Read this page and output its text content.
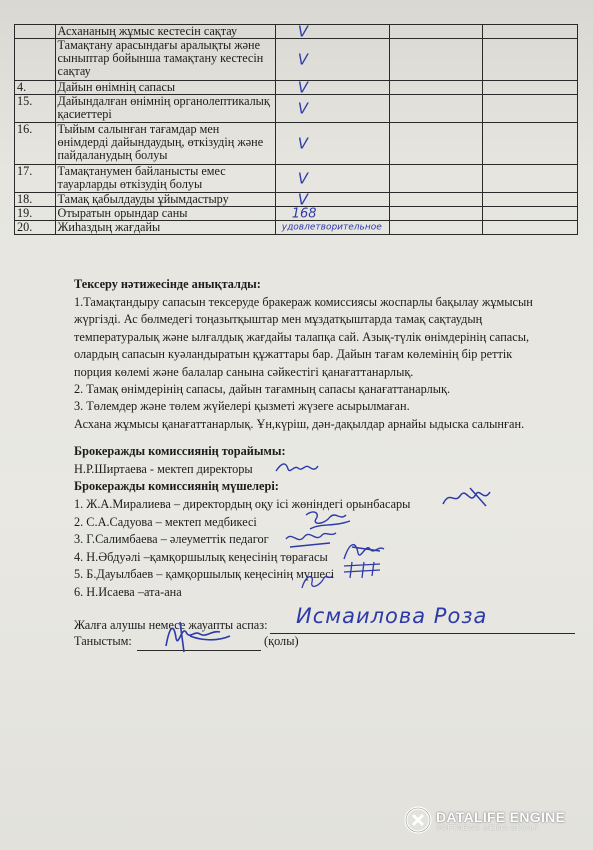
	Асхананың жұмыс кестесін сақтау	V		

	Тамақтану арасындағы аралықты және сыныптар бойынша тамақтану кестесін сақтау	V		

4.	Дайын өнімнің сапасы	V		

15.	Дайындалған өнімнің органолептикалық қасиеттері	V		

16.	Тыйым салынған тағамдар мен өнімдерді дайындаудың, өткізудің және пайдаланудың болуы	V		

17.	Тамақтанумен байланысты емес тауарларды өткізудің болуы	V		

18.	Тамақ қабылдауды ұйымдастыру	V		

19.	Отыратын орындар саны	168		

20.	Жиһаздың жағдайы	удовлетворительное		

Тексеру нәтижесінде анықталды:
1.Тамақтандыру сапасын тексеруде бракераж комиссиясы жоспарлы бақылау жұмысын
жүргізді. Ас бөлмедегі тоңазытқыштар мен мұздатқыштарда тамақ сақтаудың
температуралық және ылғалдық жағдайы талапқа сай. Азық-түлік өнімдерінің сапасы,
олардың сапасын куәландыратын құжаттары бар. Дайын тағам көлемінің бір реттік
порция көлемі және балалар санына сәйкестігі қанағаттанарлық.
2. Тамақ өнімдерінің сапасы, дайын тағамның сапасы қанағаттанарлық.
3. Төлемдер және төлем жүйелері қызметі жүзеге асырылмаған.
Асхана жұмысы қанағаттанарлық. Ұн,күріш, дән-дақылдар арнайы ыдыска салынған.
Брокеражды комиссиянің торайымы:
Н.Р.Ширтаева - мектеп директоры
Брокеражды комиссиянің мүшелері:
1. Ж.А.Миралиева – директордың оқу ісі жөніндегі орынбасары
2. С.А.Садуова – мектеп медбикесі
3. Г.Салимбаева – әлеуметтік педагог
4. Н.Әбдуәлі –қамқоршылық кеңесінің төрағасы
5. Б.Дауылбаев – қамқоршылық кеңесінің мүшесі
6. Н.Исаева –ата-ана
Жалға алушы немесе жауапты аспаз: Исмаилова Роза
Таныстым:	(қолы)
DATALIFE ENGINE
SOFTNEWS MEDIA GROUP
